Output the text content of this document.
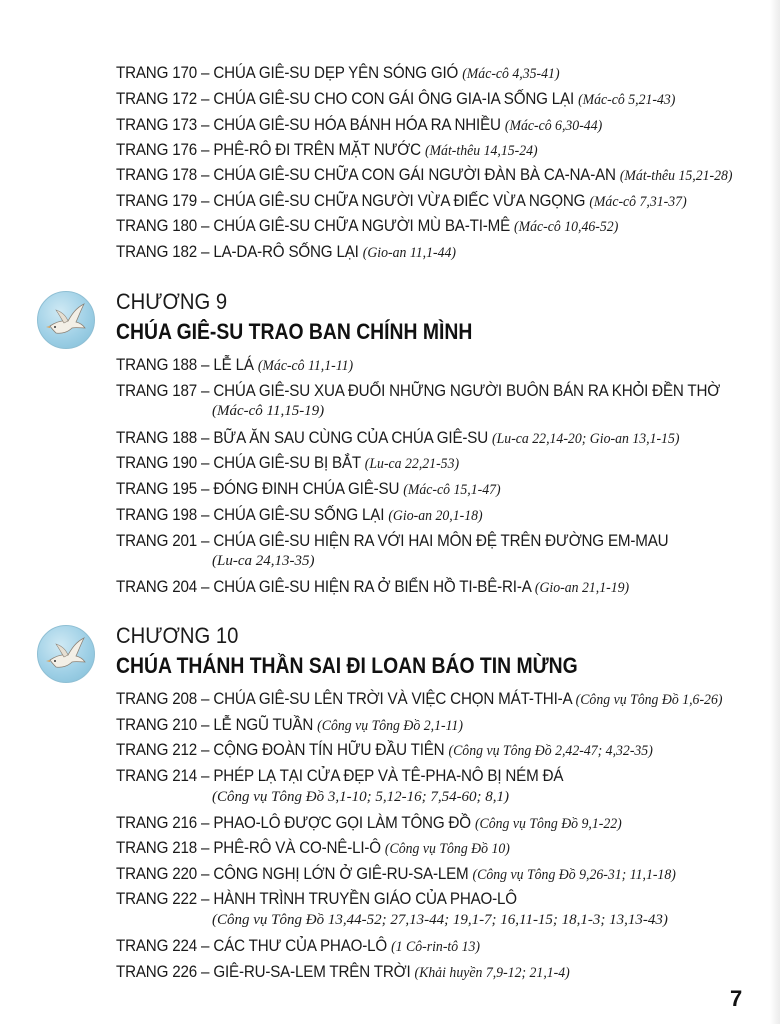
TRANG 170 – CHÚA GIÊ-SU DẸP YÊN SÓNG GIÓ (Mác-cô 4,35-41)
TRANG 172 – CHÚA GIÊ-SU CHO CON GÁI ÔNG GIA-IA SỐNG LẠI (Mác-cô 5,21-43)
TRANG 173 – CHÚA GIÊ-SU HÓA BÁNH HÓA RA NHIỀU (Mác-cô 6,30-44)
TRANG 176 – PHÊ-RÔ ĐI TRÊN MẶT NƯỚC (Mát-thêu 14,15-24)
TRANG 178 – CHÚA GIÊ-SU CHỮA CON GÁI NGƯỜI ĐÀN BÀ CA-NA-AN (Mát-thêu 15,21-28)
TRANG 179 – CHÚA GIÊ-SU CHỮA NGƯỜI VỪA ĐIẾC VỪA NGỌNG (Mác-cô 7,31-37)
TRANG 180 – CHÚA GIÊ-SU CHỮA NGƯỜI MÙ BA-TI-MÊ (Mác-cô 10,46-52)
TRANG 182 – LA-DA-RÔ SỐNG LẠI (Gio-an 11,1-44)
CHƯƠNG 9
CHÚA GIÊ-SU TRAO BAN CHÍNH MÌNH
TRANG 188 – LỄ LÁ (Mác-cô 11,1-11)
TRANG 187 – CHÚA GIÊ-SU XUA ĐUỔI NHỮNG NGƯỜI BUÔN BÁN RA KHỎI ĐỀN THỜ
(Mác-cô 11,15-19)
TRANG 188 – BỮA ĂN SAU CÙNG CỦA CHÚA GIÊ-SU (Lu-ca 22,14-20; Gio-an 13,1-15)
TRANG 190 – CHÚA GIÊ-SU BỊ BẮT (Lu-ca 22,21-53)
TRANG 195 – ĐÓNG ĐINH CHÚA GIÊ-SU (Mác-cô 15,1-47)
TRANG 198 – CHÚA GIÊ-SU SỐNG LẠI (Gio-an 20,1-18)
TRANG 201 – CHÚA GIÊ-SU HIỆN RA VỚI HAI MÔN ĐỆ TRÊN ĐƯỜNG EM-MAU
(Lu-ca 24,13-35)
TRANG 204 – CHÚA GIÊ-SU HIỆN RA Ở BIỂN HỒ TI-BÊ-RI-A (Gio-an 21,1-19)
CHƯƠNG 10
CHÚA THÁNH THẦN SAI ĐI LOAN BÁO TIN MỪNG
TRANG 208 – CHÚA GIÊ-SU LÊN TRỜI VÀ VIỆC CHỌN MÁT-THI-A (Công vụ Tông Đồ 1,6-26)
TRANG 210 – LỄ NGŨ TUẦN (Công vụ Tông Đồ 2,1-11)
TRANG 212 – CỘNG ĐOÀN TÍN HỮU ĐẦU TIÊN (Công vụ Tông Đồ 2,42-47; 4,32-35)
TRANG 214 – PHÉP LẠ TẠI CỬA ĐẸP VÀ TÊ-PHA-NÔ BỊ NÉM ĐÁ
(Công vụ Tông Đồ 3,1-10; 5,12-16; 7,54-60; 8,1)
TRANG 216 – PHAO-LÔ ĐƯỢC GỌI LÀM TÔNG ĐỒ (Công vụ Tông Đồ 9,1-22)
TRANG 218 – PHÊ-RÔ VÀ CO-NÊ-LI-Ô (Công vụ Tông Đồ 10)
TRANG 220 – CÔNG NGHỊ LỚN Ở GIÊ-RU-SA-LEM (Công vụ Tông Đồ 9,26-31; 11,1-18)
TRANG 222 – HÀNH TRÌNH TRUYỀN GIÁO CỦA PHAO-LÔ
(Công vụ Tông Đồ 13,44-52; 27,13-44; 19,1-7; 16,11-15; 18,1-3; 13,13-43)
TRANG 224 – CÁC THƯ CỦA PHAO-LÔ (1 Cô-rin-tô 13)
TRANG 226 – GIÊ-RU-SA-LEM TRÊN TRỜI (Khải huyền 7,9-12; 21,1-4)
7
